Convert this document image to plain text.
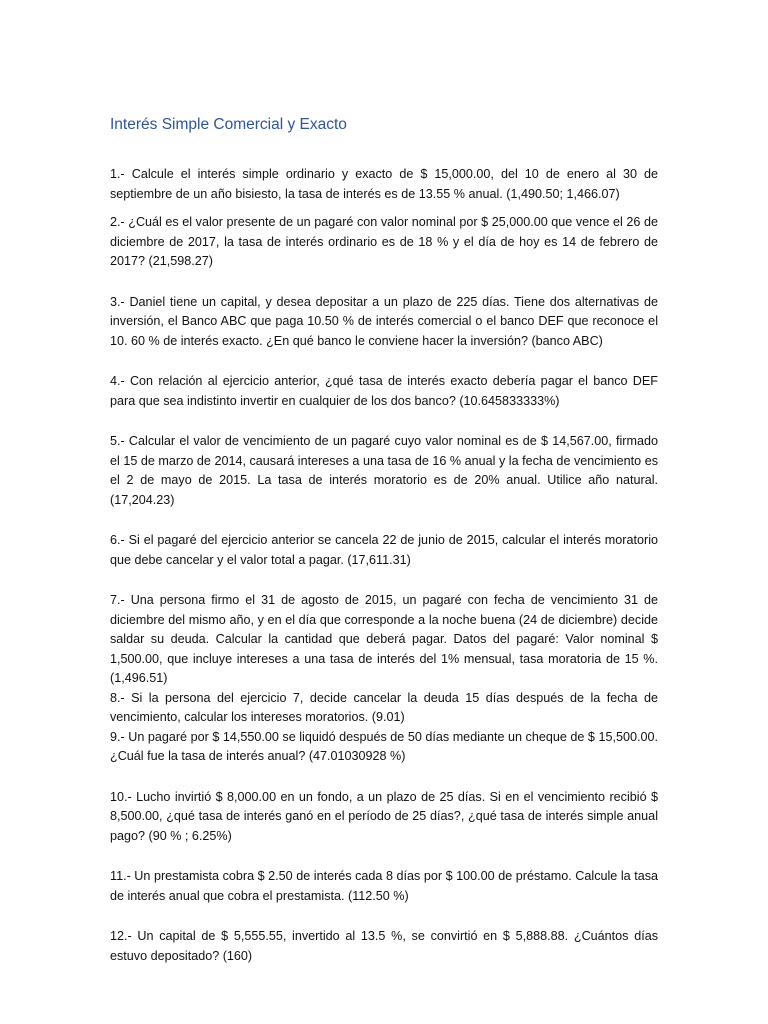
Interés Simple Comercial y Exacto
1.- Calcule el interés simple ordinario y exacto de $ 15,000.00, del 10 de enero al 30 de septiembre de un año bisiesto, la tasa de interés es de 13.55 % anual. (1,490.50; 1,466.07)
2.- ¿Cuál es el valor presente de un pagaré con valor nominal por $ 25,000.00 que vence el 26 de diciembre de 2017, la tasa de interés ordinario es de 18 % y el día de hoy es 14 de febrero de 2017? (21,598.27)
3.- Daniel tiene un capital, y desea depositar a un plazo de 225 días. Tiene dos alternativas de inversión, el Banco ABC que paga 10.50 % de interés comercial o el banco DEF que reconoce el 10. 60 % de interés exacto. ¿En qué banco le conviene hacer la inversión? (banco ABC)
4.- Con relación al ejercicio anterior, ¿qué tasa de interés exacto debería pagar el banco DEF para que sea indistinto invertir en cualquier de los dos banco? (10.645833333%)
5.- Calcular el valor de vencimiento de un pagaré cuyo valor nominal es de $ 14,567.00, firmado el 15 de marzo de 2014, causará intereses a una tasa de 16 % anual y la fecha de vencimiento es el 2 de mayo de 2015. La tasa de interés moratorio es de 20% anual. Utilice año natural. (17,204.23)
6.- Si el pagaré del ejercicio anterior se cancela 22 de junio de 2015, calcular el interés moratorio que debe cancelar y el valor total a pagar. (17,611.31)
7.- Una persona firmo el 31 de agosto de 2015, un pagaré con fecha de vencimiento 31 de diciembre del mismo año, y en el día que corresponde a la noche buena (24 de diciembre) decide saldar su deuda. Calcular la cantidad que deberá pagar. Datos del pagaré: Valor nominal $ 1,500.00, que incluye intereses a una tasa de interés del 1% mensual, tasa moratoria de 15 %. (1,496.51)
8.- Si la persona del ejercicio 7, decide cancelar la deuda 15 días después de la fecha de vencimiento, calcular los intereses moratorios. (9.01)
9.- Un pagaré por $ 14,550.00 se liquidó después de 50 días mediante un cheque de $ 15,500.00. ¿Cuál fue la tasa de interés anual? (47.01030928 %)
10.- Lucho invirtió $ 8,000.00 en un fondo, a un plazo de 25 días. Si en el vencimiento recibió $ 8,500.00, ¿qué tasa de interés ganó en el período de 25 días?, ¿qué tasa de interés simple anual pago? (90 % ; 6.25%)
11.- Un prestamista cobra $ 2.50 de interés cada 8 días por $ 100.00 de préstamo. Calcule la tasa de interés anual que cobra el prestamista. (112.50 %)
12.- Un capital de $ 5,555.55, invertido al 13.5 %, se convirtió en $ 5,888.88. ¿Cuántos días estuvo depositado? (160)
